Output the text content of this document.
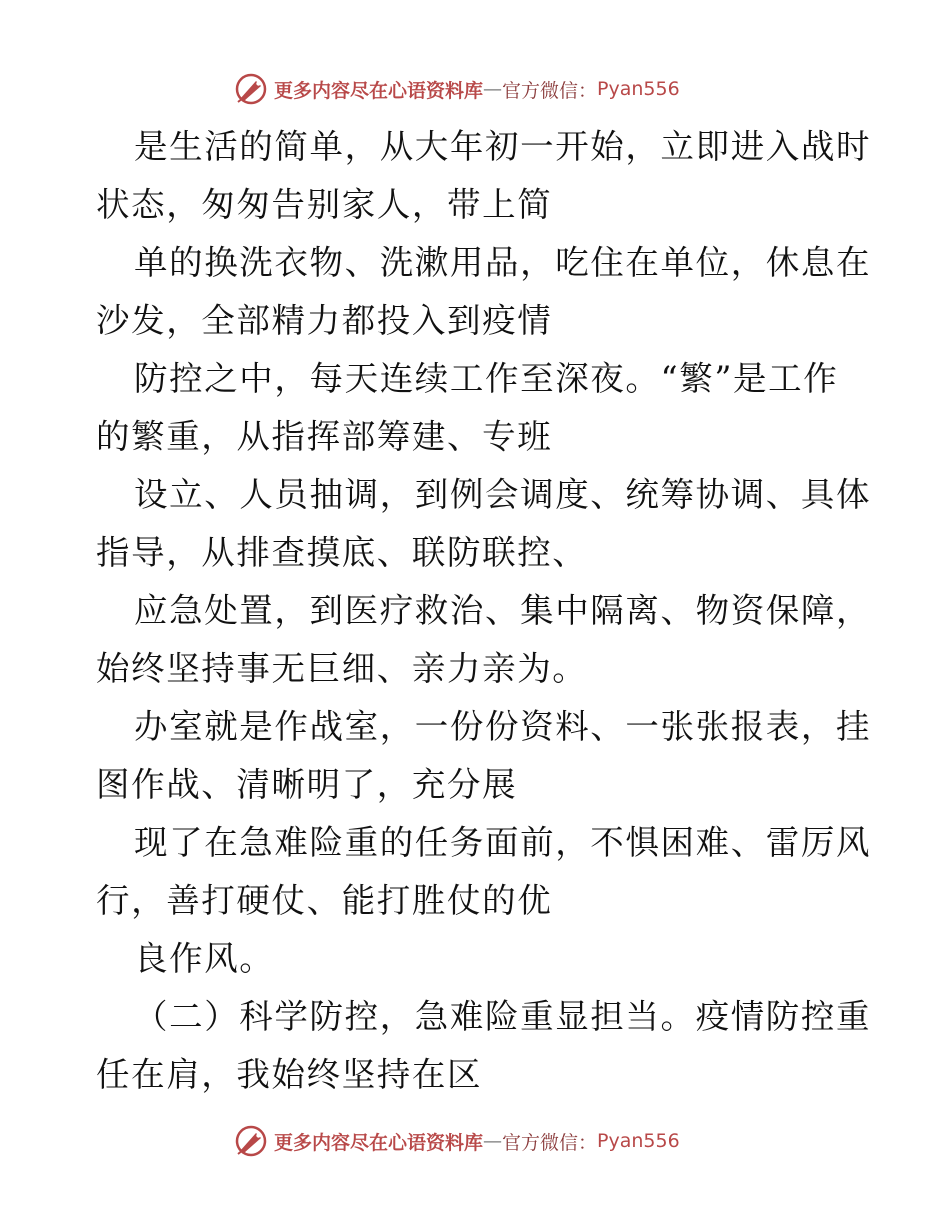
更多内容尽在心语资料库 — 官方微信： Pyan556
是生活的简单，从大年初一开始，立即进入战时
状态，匆匆告别家人，带上简
单的换洗衣物、洗漱用品，吃住在单位，休息在
沙发，全部精力都投入到疫情
防控之中，每天连续工作至深夜。“繁”是工作
的繁重，从指挥部筹建、专班
设立、人员抽调，到例会调度、统筹协调、具体
指导，从排查摸底、联防联控、
应急处置，到医疗救治、集中隔离、物资保障，
始终坚持事无巨细、亲力亲为。
办室就是作战室，一份份资料、一张张报表，挂
图作战、清晰明了，充分展
现了在急难险重的任务面前，不惧困难、雷厉风
行，善打硬仗、能打胜仗的优
良作风。
（二）科学防控，急难险重显担当。疫情防控重
任在肩，我始终坚持在区
更多内容尽在心语资料库 — 官方微信： Pyan556
